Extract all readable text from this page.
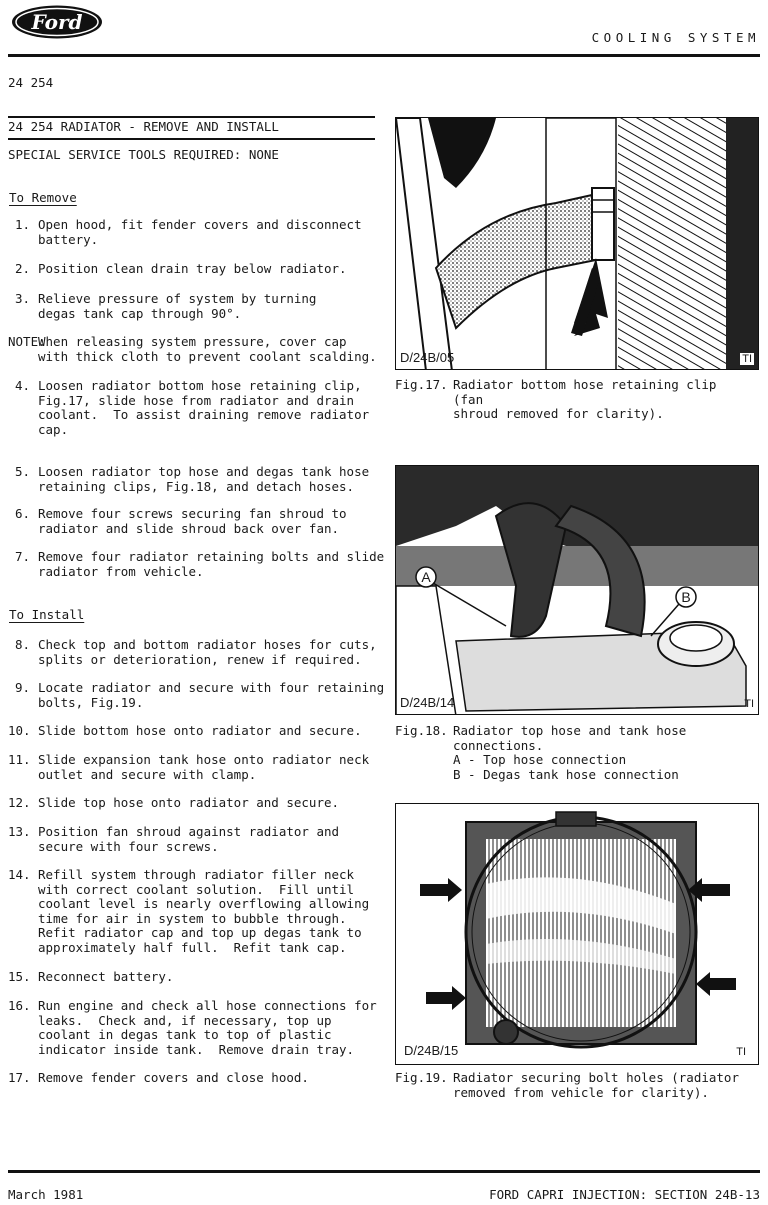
Ford
COOLING SYSTEM
24 254
24 254 RADIATOR - REMOVE AND INSTALL
SPECIAL SERVICE TOOLS REQUIRED: NONE
To Remove
1. Open hood, fit fender covers and disconnect
battery.
2. Position clean drain tray below radiator.
3. Relieve pressure of system by turning
degas tank cap through 90°.
NOTE:When releasing system pressure, cover cap
with thick cloth to prevent coolant scalding.
4. Loosen radiator bottom hose retaining clip,
Fig.17, slide hose from radiator and drain
coolant.  To assist draining remove radiator
cap.
5. Loosen radiator top hose and degas tank hose
retaining clips, Fig.18, and detach hoses.
6. Remove four screws securing fan shroud to
radiator and slide shroud back over fan.
7. Remove four radiator retaining bolts and slide
radiator from vehicle.
To Install
8. Check top and bottom radiator hoses for cuts,
splits or deterioration, renew if required.
9. Locate radiator and secure with four retaining
bolts, Fig.19.
10. Slide bottom hose onto radiator and secure.
11. Slide expansion tank hose onto radiator neck
outlet and secure with clamp.
12. Slide top hose onto radiator and secure.
13. Position fan shroud against radiator and
secure with four screws.
14. Refill system through radiator filler neck
with correct coolant solution.  Fill until
coolant level is nearly overflowing allowing
time for air in system to bubble through.
Refit radiator cap and top up degas tank to
approximately half full.  Refit tank cap.
15. Reconnect battery.
16. Run engine and check all hose connections for
leaks.  Check and, if necessary, top up
coolant in degas tank to top of plastic
indicator inside tank.  Remove drain tray.
17. Remove fender covers and close hood.
D/24B/05	TI
Fig.17. Radiator bottom hose retaining clip (fan
shroud removed for clarity).
A
B
D/24B/14	TI
Fig.18. Radiator top hose and tank hose
connections.
A - Top hose connection
B - Degas tank hose connection
D/24B/15	TI
Fig.19. Radiator securing bolt holes (radiator
removed from vehicle for clarity).
March 1981	FORD CAPRI INJECTION: SECTION 24B-13
